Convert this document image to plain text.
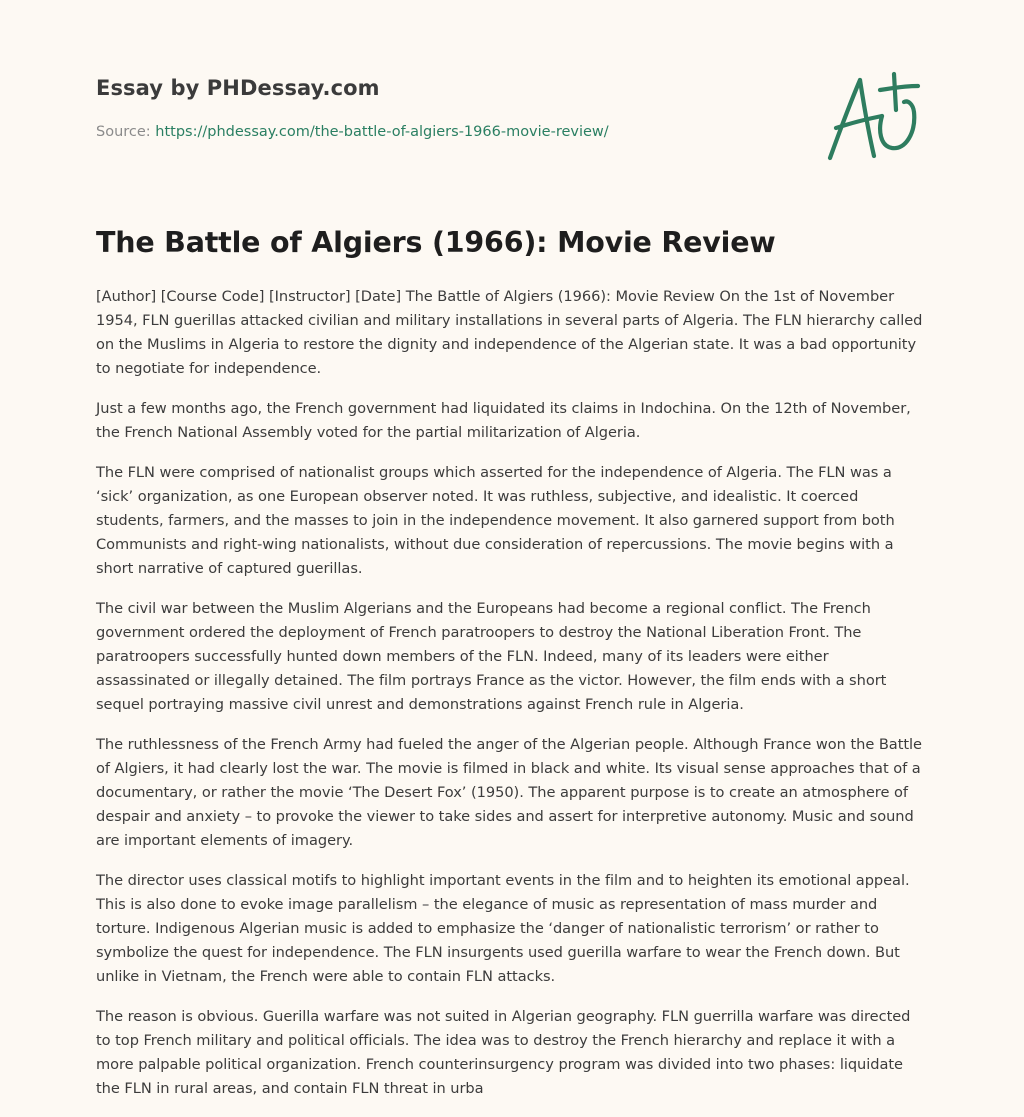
Essay by PHDessay.com

Source: https://phdessay.com/the-battle-of-algiers-1966-movie-review/

The Battle of Algiers (1966): Movie Review

[Author] [Course Code] [Instructor] [Date] The Battle of Algiers (1966): Movie Review On the 1st of November 1954, FLN guerillas attacked civilian and military installations in several parts of Algeria. The FLN hierarchy called on the Muslims in Algeria to restore the dignity and independence of the Algerian state. It was a bad opportunity to negotiate for independence.

Just a few months ago, the French government had liquidated its claims in Indochina. On the 12th of November, the French National Assembly voted for the partial militarization of Algeria.

The FLN were comprised of nationalist groups which asserted for the independence of Algeria. The FLN was a ‘sick’ organization, as one European observer noted. It was ruthless, subjective, and idealistic. It coerced students, farmers, and the masses to join in the independence movement. It also garnered support from both Communists and right-wing nationalists, without due consideration of repercussions. The movie begins with a short narrative of captured guerillas.

The civil war between the Muslim Algerians and the Europeans had become a regional conflict. The French government ordered the deployment of French paratroopers to destroy the National Liberation Front. The paratroopers successfully hunted down members of the FLN. Indeed, many of its leaders were either assassinated or illegally detained. The film portrays France as the victor. However, the film ends with a short sequel portraying massive civil unrest and demonstrations against French rule in Algeria.

The ruthlessness of the French Army had fueled the anger of the Algerian people. Although France won the Battle of Algiers, it had clearly lost the war. The movie is filmed in black and white. Its visual sense approaches that of a documentary, or rather the movie ‘The Desert Fox’ (1950). The apparent purpose is to create an atmosphere of despair and anxiety – to provoke the viewer to take sides and assert for interpretive autonomy. Music and sound are important elements of imagery.

The director uses classical motifs to highlight important events in the film and to heighten its emotional appeal. This is also done to evoke image parallelism – the elegance of music as representation of mass murder and torture. Indigenous Algerian music is added to emphasize the ‘danger of nationalistic terrorism’ or rather to symbolize the quest for independence. The FLN insurgents used guerilla warfare to wear the French down. But unlike in Vietnam, the French were able to contain FLN attacks.

The reason is obvious. Guerilla warfare was not suited in Algerian geography. FLN guerrilla warfare was directed to top French military and political officials. The idea was to destroy the French hierarchy and replace it with a more palpable political organization. French counterinsurgency program was divided into two phases: liquidate the FLN in rural areas, and contain FLN threat in urba
